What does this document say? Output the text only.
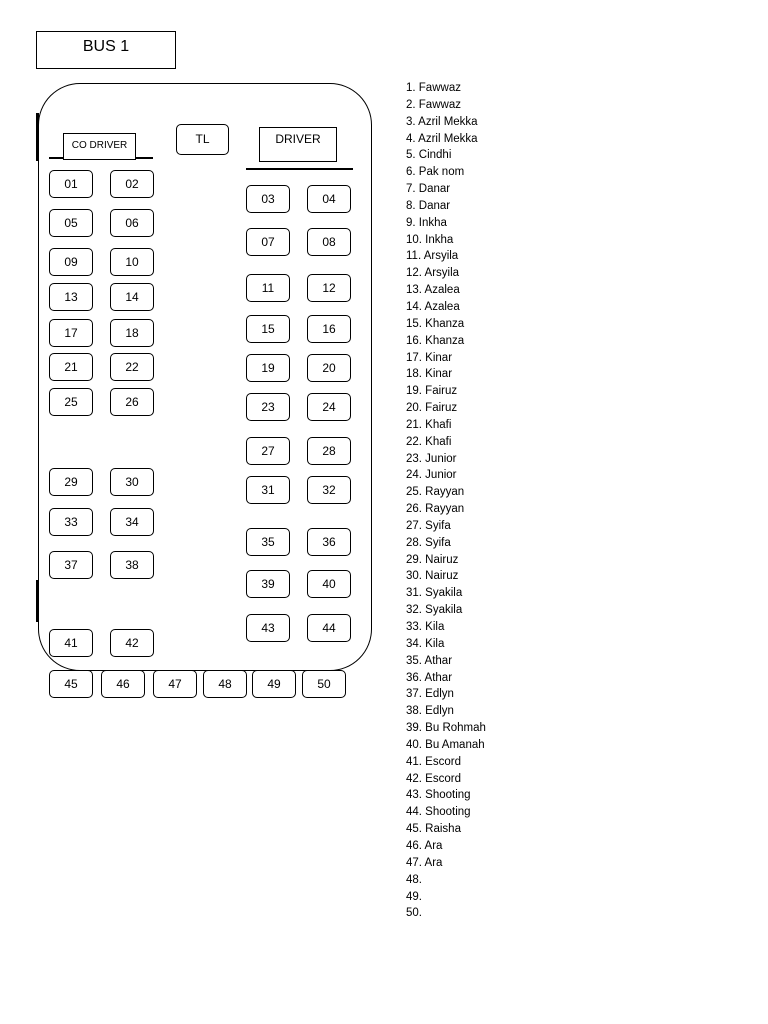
BUS 1
CO DRIVER	TL	DRIVER
01	02
03	04
05	06
07	08
09	10
11	12
13	14
15	16
17	18
19	20
21	22
23	24
25	26
27	28
29	30
31	32
33	34
35	36
37	38
39	40
41	42
43	44
45	46	47	48	49	50
1. Fawwaz
2. Fawwaz
3. Azril Mekka
4. Azril Mekka
5. Cindhi
6. Pak nom
7. Danar
8. Danar
9. Inkha
10. Inkha
11. Arsyila
12. Arsyila
13. Azalea
14. Azalea
15. Khanza
16. Khanza
17. Kinar
18. Kinar
19. Fairuz
20. Fairuz
21. Khafi
22. Khafi
23. Junior
24. Junior
25. Rayyan
26. Rayyan
27. Syifa
28. Syifa
29. Nairuz
30. Nairuz
31. Syakila
32. Syakila
33. Kila
34. Kila
35. Athar
36. Athar
37. Edlyn
38. Edlyn
39. Bu Rohmah
40. Bu Amanah
41. Escord
42. Escord
43. Shooting
44. Shooting
45. Raisha
46. Ara
47. Ara
48.
49.
50.
